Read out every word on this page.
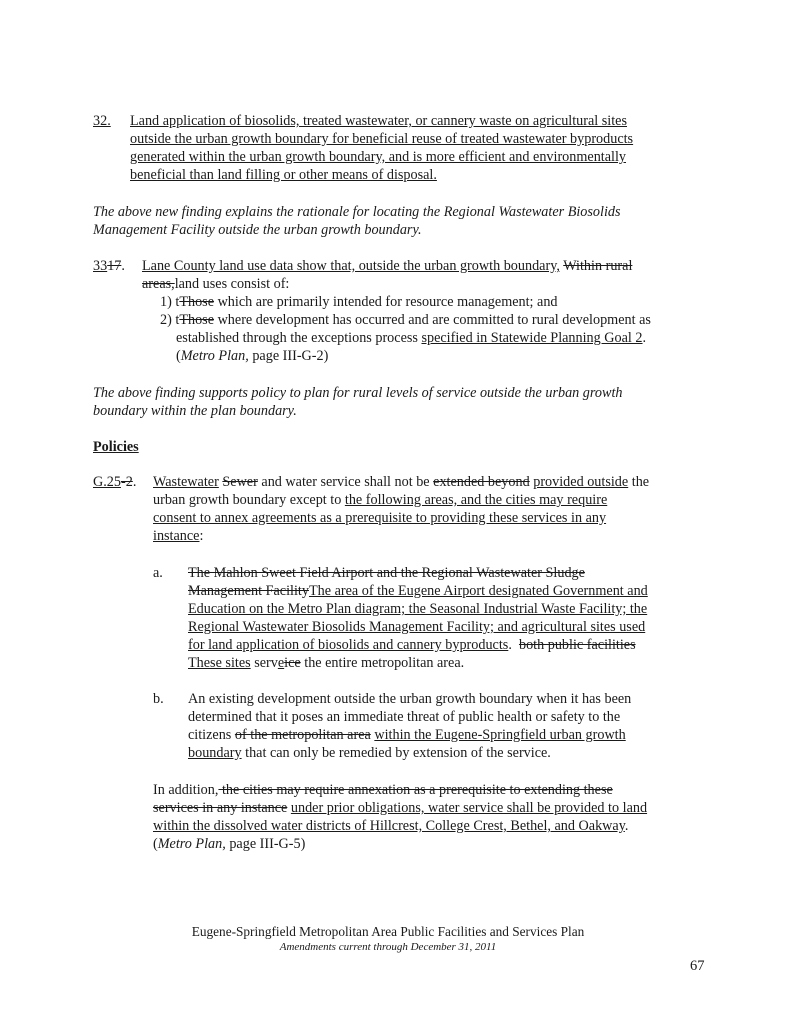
32. Land application of biosolids, treated wastewater, or cannery waste on agricultural sites
outside the urban growth boundary for beneficial reuse of treated wastewater byproducts
generated within the urban growth boundary, and is more efficient and environmentally
beneficial than land filling or other means of disposal.
The above new finding explains the rationale for locating the Regional Wastewater Biosolids
Management Facility outside the urban growth boundary.
3317. Lane County land use data show that, outside the urban growth boundary, Within rural
areas,land uses consist of:
1) tThose which are primarily intended for resource management; and
2) tThose where development has occurred and are committed to rural development as
established through the exceptions process specified in Statewide Planning Goal 2.
(Metro Plan, page III-G-2)
The above finding supports policy to plan for rural levels of service outside the urban growth
boundary within the plan boundary.
Policies
G.25-2. Wastewater Sewer and water service shall not be extended beyond provided outside the
urban growth boundary except to the following areas, and the cities may require
consent to annex agreements as a prerequisite to providing these services in any
instance:
a. The Mahlon Sweet Field Airport and the Regional Wastewater Sludge
Management FacilityThe area of the Eugene Airport designated Government and
Education on the Metro Plan diagram; the Seasonal Industrial Waste Facility; the
Regional Wastewater Biosolids Management Facility; and agricultural sites used
for land application of biosolids and cannery byproducts. both public facilities
These sites serveice the entire metropolitan area.
b. An existing development outside the urban growth boundary when it has been
determined that it poses an immediate threat of public health or safety to the
citizens of the metropolitan area within the Eugene-Springfield urban growth
boundary that can only be remedied by extension of the service.
In addition, the cities may require annexation as a prerequisite to extending these
services in any instance under prior obligations, water service shall be provided to land
within the dissolved water districts of Hillcrest, College Crest, Bethel, and Oakway.
(Metro Plan, page III-G-5)
Eugene-Springfield Metropolitan Area Public Facilities and Services Plan
Amendments current through December 31, 2011
67
